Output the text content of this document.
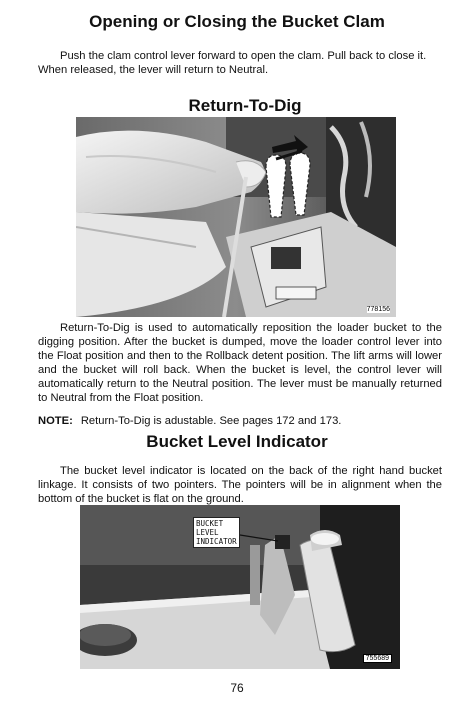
Opening or Closing the Bucket Clam

Push the clam control lever forward to open the clam. Pull back to close it.
When released, the lever will return to Neutral.

Return-To-Dig
778156

Return-To-Dig is used to automatically reposition the loader bucket to the digging position. After the bucket is dumped, move the loader control lever into the Float position and then to the Rollback detent position. The lift arms will lower and the bucket will roll back. When the bucket is level, the control lever will automatically return to the Neutral position. The lever must be manually returned to Neutral from the Float position.

NOTE: Return-To-Dig is adustable. See pages 172 and 173.
Bucket Level Indicator

The bucket level indicator is located on the back of the right hand bucket linkage. It consists of two pointers. The pointers will be in alignment when the bottom of the bucket is flat on the ground.

BUCKET
LEVEL
INDICATOR
755689
76
